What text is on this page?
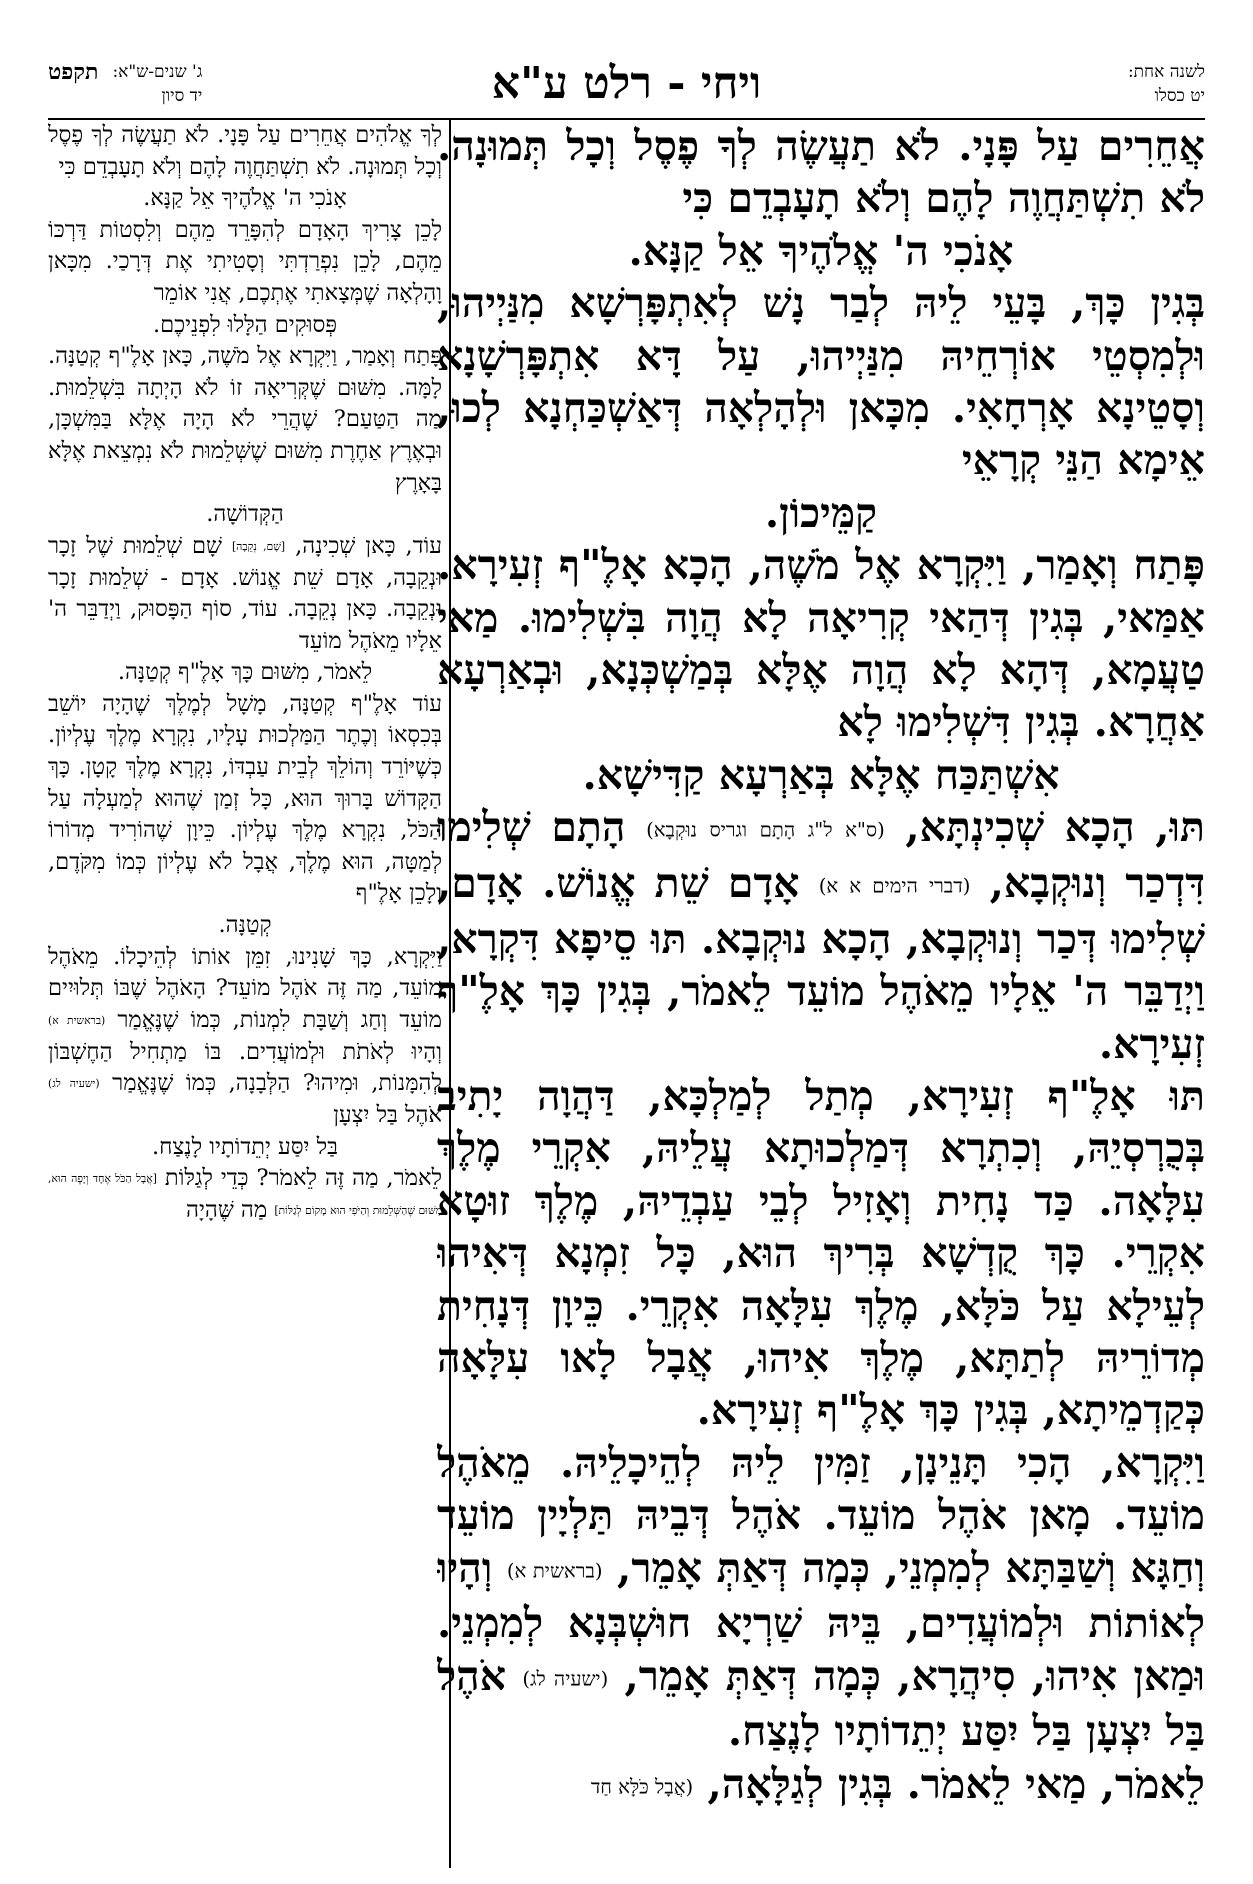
לשנה אחת:
יט כסלו
ויחי - רלט ע"א
ג' שנים-ש"א:
יד סיון
תקפט

אֲחֵרִים עַל פָּנָי. לֹא תַעֲשֶׂה לְךָ פֶסֶל וְכָל תְּמוּנָה. לֹא תִשְׁתַּחֲוֶה לָהֶם וְלֹא תָעָבְדֵם כִּי
אָנֹכִי ה' אֱלֹהֶיךָ אֵל קַנָּא.

בְּגִין כָּךְ, בָּעֵי לֵיהּ לְבַר נָשׁ לְאִתְפָּרְשָׁא מִנַּיְיהוּ, וּלְמִסְטֵי אוֹרְחֵיהּ מִנַּיְיהוּ, עַל דָּא אִתְפָּרְשָׁנָא וְסָטֵינָא אָרְחָאִי. מִכָּאן וּלְהָלְאָה דְּאַשְׁכַּחְנָא לְכוּ, אֵימָא הַנֵּי קְרָאֵי
קַמֵּיכוֹן.

פָּתַח וְאָמַר, וַיִּקְרָא אֶל מֹשֶׁה, הָכָא אָלֶ"ף זְעִירָא. אַמַּאי, בְּגִין דְּהַאי קְרִיאָה לָא הֲוָה בִּשְׁלִימוּ. מַאי טַעֲמָא, דְּהָא לָא הֲוָה אֶלָּא בְּמַשְׁכְּנָא, וּבְאַרְעָא אַחֲרָא. בְּגִין דִּשְׁלִימוּ לָא
אִשְׁתַּכַּח אֶלָּא בְּאַרְעָא קַדִּישָׁא.

תּוּ, הָכָא שְׁכִינְתָּא, (ס"א ל"ג הָתָם וגריס נוּקְבָא) הָתָם שְׁלִימוּ דִּדְכַר וְנוּקְבָא, (דברי הימים א א) אָדָם שֵׁת אֱנוֹשׁ. אָדָם, שְׁלִימוּ דְּכַר וְנוּקְבָא, הָכָא נוּקְבָא. תּוּ סֵיפָא דִּקְרָא, וַיְדַבֵּר ה' אֵלָיו מֵאֹהֶל מוֹעֵד לֵאמֹר, בְּגִין כָּךְ אָלֶ"ף זְעִירָא.

תּוּ אָלֶ"ף זְעִירָא, מְתַל לְמַלְכָּא, דַּהֲוָה יָתִיב בְּכֻרְסְיֵהּ, וְכִתְרָא דְּמַלְכוּתָא עֲלֵיהּ, אִקְרֵי מֶלֶךְ עִלָּאָה. כַּד נָחִית וְאָזִיל לְבֵי עַבְדֵיהּ, מֶלֶךְ זוּטָא אִקְרֵי. כָּךְ קֻדְשָׁא בְּרִיךְ הוּא, כָּל זִמְנָא דְּאִיהוּ לְעֵילָא עַל כֹּלָּא, מֶלֶךְ עִלָּאָה אִקְרֵי. כֵּיוָן דְּנָחִית מְדוֹרֵיהּ לְתַתָּא, מֶלֶךְ אִיהוּ, אֲבָל לָאו עִלָּאָה כְּקַדְמֵיתָא, בְּגִין כָּךְ אָלֶ"ף זְעִירָא.

וַיִּקְרָא, הָכִי תָּנֵינָן, זַמִּין לֵיהּ לְהֵיכָלֵיהּ. מֵאֹהֶל מוֹעֵד. מָאן אֹהֶל מוֹעֵד. אֹהֶל דְּבֵיהּ תַּלְיָין מוֹעֵד וְחַגָּא וְשַׁבַּתָּא לְמִמְנֵי, כְּמָה דְּאַתְּ אָמֵר, (בראשית א) וְהָיוּ לְאוֹתוֹת וּלְמוֹעֲדִים, בֵּיהּ שַׁרְיָא חוּשְׁבְּנָא לְמִמְנֵי. וּמַאן אִיהוּ, סִיהֲרָא, כְּמָה דְּאַתְּ אָמֵר, (ישעיה לג) אֹהֶל בַּל יִצְעָן בַּל יִסַּע יְתֵדוֹתָיו לָנֶצַח.

לֵאמֹר, מַאי לֵאמֹר. בְּגִין לְגַלָּאָה, (אֲבָל כֹּלָּא חַד

לְךָ אֱלֹהִים אֲחֵרִים עַל פָּנָי. לֹא תַעֲשֶׂה לְךָ פֶסֶל וְכָל תְּמוּנָה. לֹא תִשְׁתַּחֲוֶה לָהֶם וְלֹא תָעָבְדֵם כִּי
אָנֹכִי ה' אֱלֹהֶיךָ אֵל קַנָּא.

לָכֵן צָרִיךְ הָאָדָם לְהִפָּרֵד מֵהֶם וְלִסְטוֹת דַּרְכּוֹ מֵהֶם, לָכֵן נִפְרַדְתִּי וְסָטִיתִי אֶת דְּרָכַי. מִכָּאן וָהָלְאָה שֶׁמְּצָאתִי אֶתְכֶם, אֲנִי אוֹמֵר
פְּסוּקִים הַלָּלוּ לִפְנֵיכֶם.

פָּתַח וְאָמַר, וַיִּקְרָא אֶל מֹשֶׁה, כָּאן אָלֶ"ף קְטַנָּה. לָמָּה. מִשּׁוּם שֶׁקְּרִיאָה זוֹ לֹא הָיְתָה בִּשְׁלֵמוּת. מַה הַטַּעַם? שֶׁהֲרֵי לֹא הָיָה אֶלָּא בַּמִּשְׁכָּן, וּבְאֶרֶץ אַחֶרֶת מִשּׁוּם שֶׁשְּׁלֵמוּת לֹא נִמְצֵאת אֶלָּא בָּאָרֶץ
הַקְּדוֹשָׁה.

עוֹד, כָּאן שְׁכִינָה, [שָׁם, נְקֵבָה] שָׁם שְׁלֵמוּת שֶׁל זָכָר וּנְקֵבָה, אָדָם שֵׁת אֱנוֹשׁ. אָדָם - שְׁלֵמוּת זָכָר וּנְקֵבָה. כָּאן נְקֵבָה. עוֹד, סוֹף הַפָּסוּק, וַיְדַבֵּר ה' אֵלָיו מֵאֹהֶל מוֹעֵד
לֵאמֹר, מִשּׁוּם כָּךְ אָלֶ"ף קְטַנָּה.

עוֹד אָלֶ"ף קְטַנָּה, מָשָׁל לְמֶלֶךְ שֶׁהָיָה יוֹשֵׁב בְּכִסְאוֹ וְכֶתֶר הַמַּלְכוּת עָלָיו, נִקְרָא מֶלֶךְ עֶלְיוֹן. כְּשֶׁיּוֹרֵד וְהוֹלֵךְ לְבֵית עַבְדּוֹ, נִקְרָא מֶלֶךְ קָטָן. כָּךְ הַקָּדוֹשׁ בָּרוּךְ הוּא, כָּל זְמַן שֶׁהוּא לְמַעְלָה עַל הַכֹּל, נִקְרָא מֶלֶךְ עֶלְיוֹן. כֵּיוָן שֶׁהוֹרִיד מְדוֹרוֹ לְמַטָּה, הוּא מֶלֶךְ, אֲבָל לֹא עֶלְיוֹן כְּמוֹ מִקֹּדֶם, וְלָכֵן אָלֶ"ף
קְטַנָּה.

וַיִּקְרָא, כָּךְ שָׁנִינוּ, זִמֵּן אוֹתוֹ לְהֵיכָלוֹ. מֵאֹהֶל מוֹעֵד, מַה זֶּה אֹהֶל מוֹעֵד? הָאֹהֶל שֶׁבּוֹ תְּלוּיִים מוֹעֵד וְחַג וְשַׁבָּת לִמְנוֹת, כְּמוֹ שֶׁנֶּאֱמַר (בראשית א) וְהָיוּ לְאֹתֹת וּלְמוֹעֲדִים. בּוֹ מַתְחִיל הַחֶשְׁבּוֹן לְהִמָּנוֹת, וּמִיהוּ? הַלְּבָנָה, כְּמוֹ שֶׁנֶּאֱמַר (ישעיה לג) אֹהֶל בַּל יִצְעָן
בַּל יִסַּע יְתֵדוֹתָיו לָנֶצַח.

לֵאמֹר, מַה זֶּה לֵאמֹר? כְּדֵי לְגַלּוֹת [אֲבָל הַכֹּל אֶחָד וְיָפֶה הוּא, מִשּׁוּם שֶׁהַשְּׁלֵמוּת וְהַיֹּפִי הוּא מָקוֹם לְגַלּוֹת] מַה שֶּׁהָיָה
